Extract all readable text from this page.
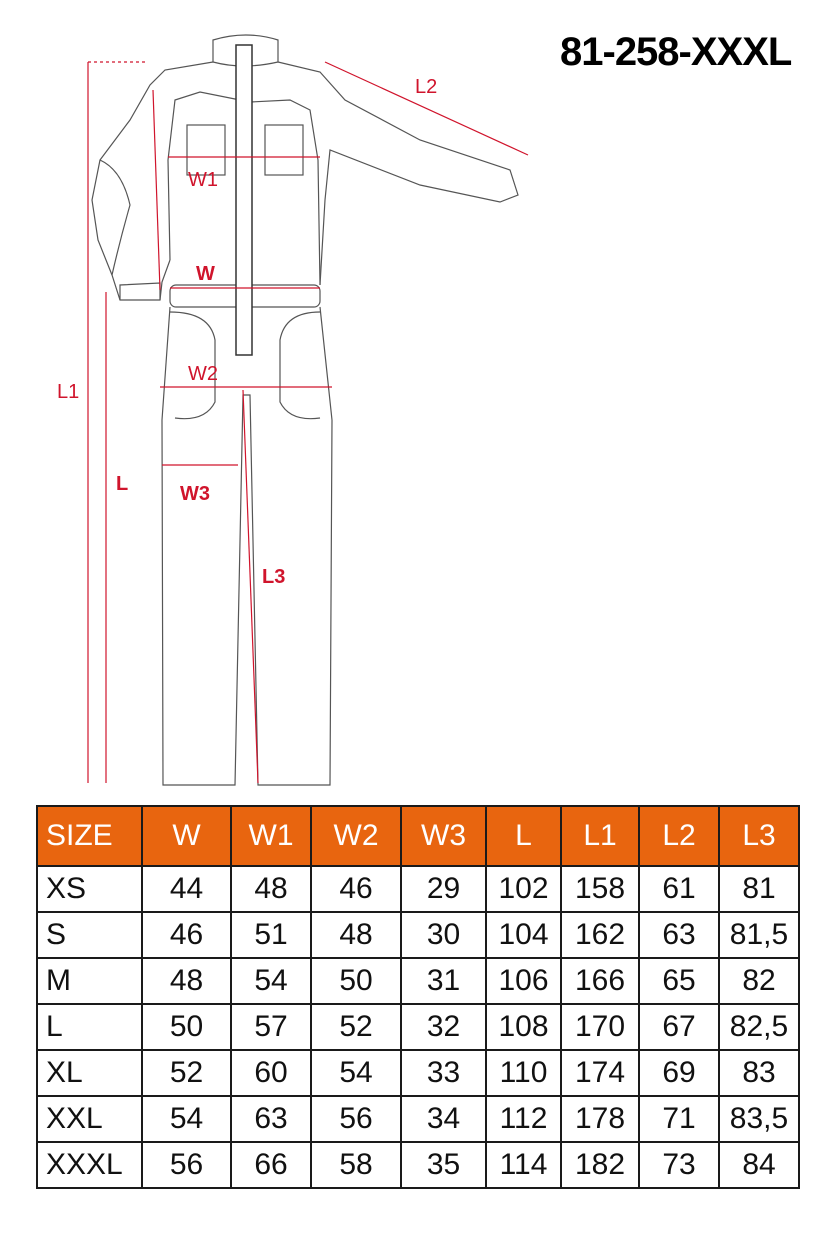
81-258-XXXL
L2
W1
W
W2
L1
L	W3
L3
SIZE	W	W1	W2	W3	L	L1	L2	L3
XS	44	48	46	29	102	158	61	81
S	46	51	48	30	104	162	63	81,5
M	48	54	50	31	106	166	65	82
L	50	57	52	32	108	170	67	82,5
XL	52	60	54	33	110	174	69	83
XXL	54	63	56	34	112	178	71	83,5
XXXL	56	66	58	35	114	182	73	84
